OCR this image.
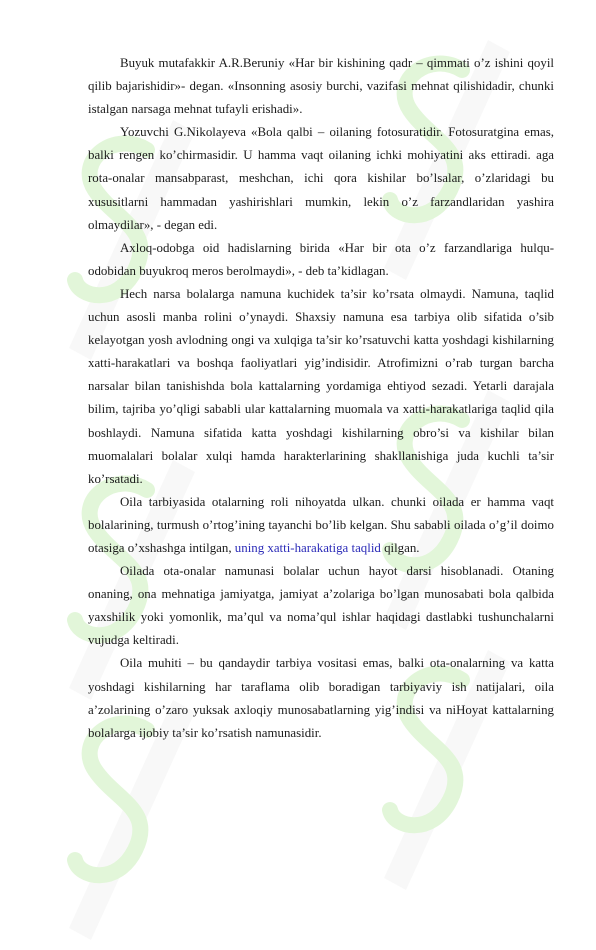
Buyuk mutafakkir A.R.Beruniy «Har bir kishining qadr – qimmati o’z ishini qoyil qilib bajarishidir»- degan. «Insonning asosiy burchi, vazifasi mehnat qilishidadir, chunki istalgan narsaga mehnat tufayli erishadi».

Yozuvchi G.Nikolayeva «Bola qalbi – oilaning fotosuratidir. Fotosuratgina emas, balki rengen ko’chirmasidir. U hamma vaqt oilaning ichki mohiyatini aks ettiradi. aga rota-onalar mansabparast, meshchan, ichi qora kishilar bo’lsalar, o’zlaridagi bu xususitlarni hammadan yashirishlari mumkin, lekin o’z farzandlaridan yashira olmaydilar», - degan edi.

Axloq-odobga oid hadislarning birida «Har bir ota o’z farzandlariga hulqu-odobidan buyukroq meros berolmaydi», - deb ta’kidlagan.

Hech narsa bolalarga namuna kuchidek ta’sir ko’rsata olmaydi. Namuna, taqlid uchun asosli manba rolini o’ynaydi. Shaxsiy namuna esa tarbiya olib sifatida o’sib kelayotgan yosh avlodning ongi va xulqiga ta’sir ko’rsatuvchi katta yoshdagi kishilarning xatti-harakatlari va boshqa faoliyatlari yig’indisidir. Atrofimizni o’rab turgan barcha narsalar bilan tanishishda bola kattalarning yordamiga ehtiyod sezadi. Yetarli darajala bilim, tajriba yo’qligi sababli ular kattalarning muomala va xatti-harakatlariga taqlid qila boshlaydi. Namuna sifatida katta yoshdagi kishilarning obro’si va kishilar bilan muomalalari bolalar xulqi hamda harakterlarining shakllanishiga juda kuchli ta’sir ko’rsatadi.

Oila tarbiyasida otalarning roli nihoyatda ulkan. chunki oilada er hamma vaqt bolalarining, turmush o’rtog’ining tayanchi bo’lib kelgan. Shu sababli oilada o’g’il doimo otasiga o’xshashga intilgan, uning xatti-harakatiga taqlid qilgan.

Oilada ota-onalar namunasi bolalar uchun hayot darsi hisoblanadi. Otaning onaning, ona mehnatiga jamiyatga, jamiyat a’zolariga bo’lgan munosabati bola qalbida yaxshilik yoki yomonlik, ma’qul va noma’qul ishlar haqidagi dastlabki tushunchalarni vujudga keltiradi.

Oila muhiti – bu qandaydir tarbiya vositasi emas, balki ota-onalarning va katta yoshdagi kishilarning har taraflama olib boradigan tarbiyaviy ish natijalari, oila a’zolarining o’zaro yuksak axloqiy munosabatlarning yig’indisi va niHoyat kattalarning bolalarga ijobiy ta’sir ko’rsatish namunasidir.
